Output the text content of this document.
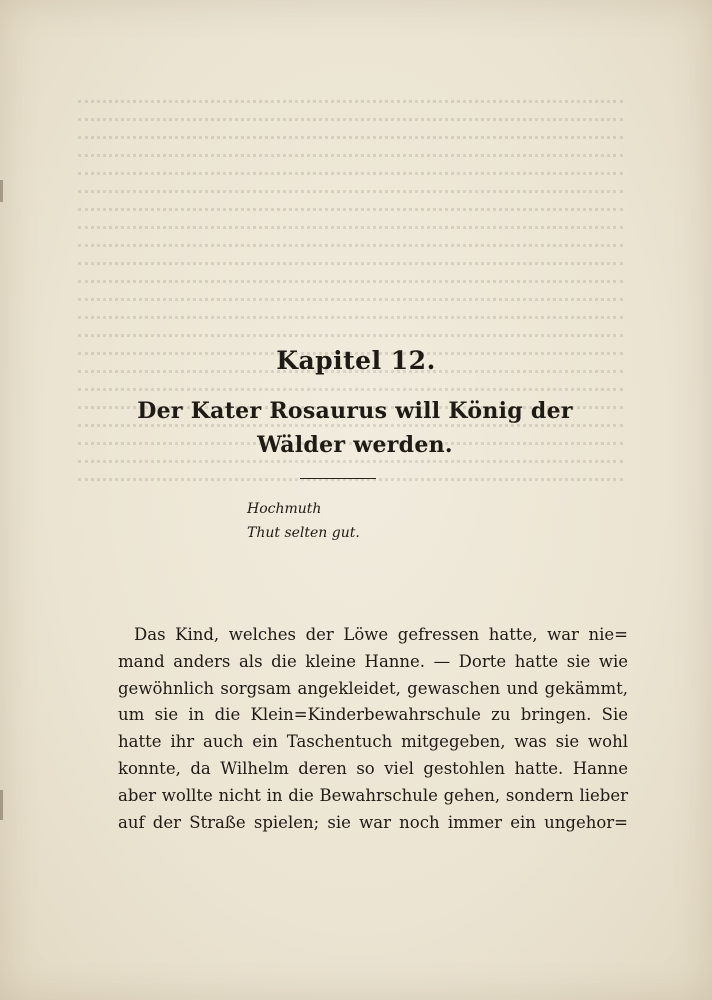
Kapitel 12.
Der Kater Rosaurus will König der
Wälder werden.
Hochmuth
Thut selten gut.
Das Kind, welches der Löwe gefressen hatte, war nie=
mand anders als die kleine Hanne. — Dorte hatte sie wie
gewöhnlich sorgsam angekleidet, gewaschen und gekämmt,
um sie in die Klein=Kinderbewahrschule zu bringen. Sie
hatte ihr auch ein Taschentuch mitgegeben, was sie wohl
konnte, da Wilhelm deren so viel gestohlen hatte. Hanne
aber wollte nicht in die Bewahrschule gehen, sondern lieber
auf der Straße spielen; sie war noch immer ein ungehor=
